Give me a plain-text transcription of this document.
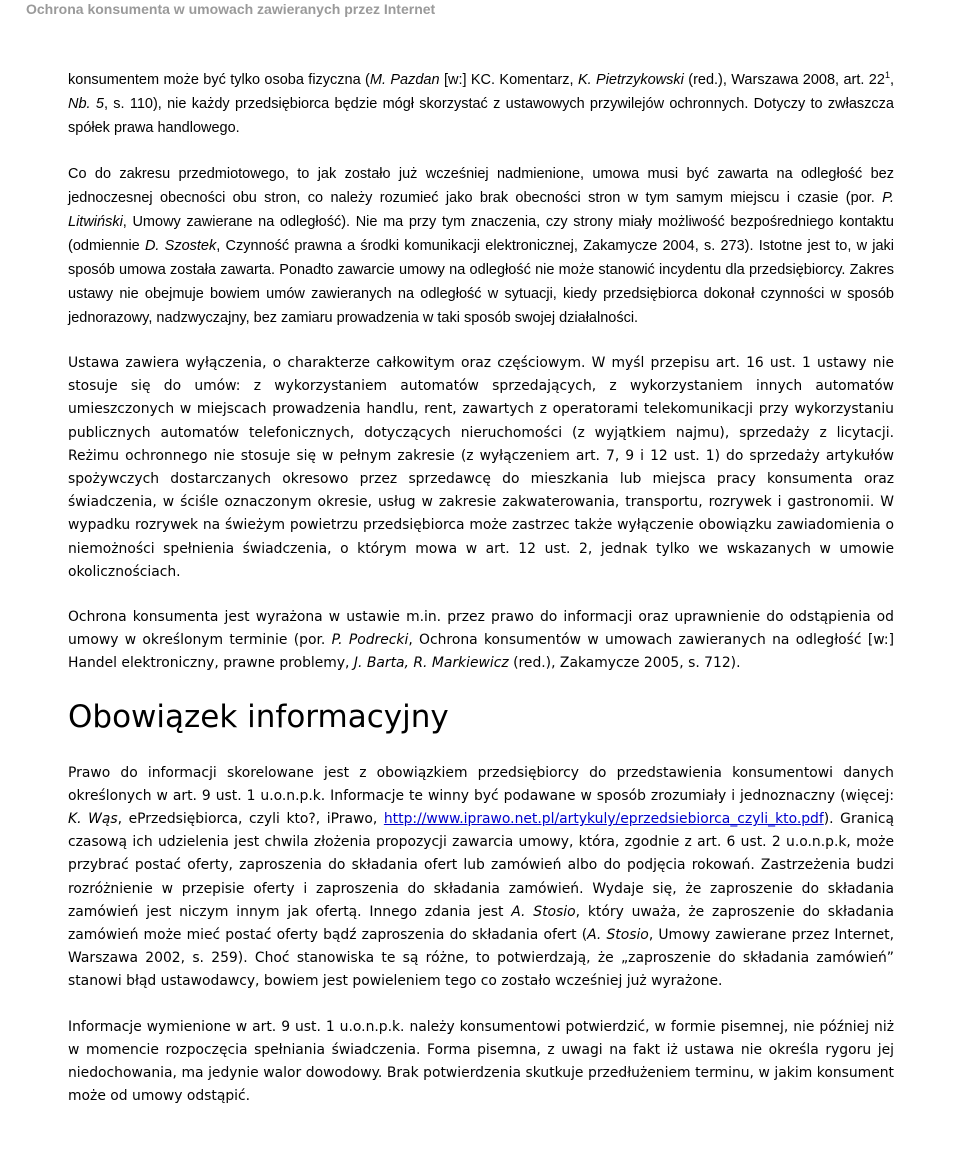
Ochrona konsumenta w umowach zawieranych przez Internet

konsumentem może być tylko osoba fizyczna (M. Pazdan [w:] KC. Komentarz, K. Pietrzykowski (red.), Warszawa 2008, art. $22^1$, Nb. 5, s. 110), nie każdy przedsiębiorca będzie mógł skorzystać z ustawowych przywilejów ochronnych. Dotyczy to zwłaszcza spółek prawa handlowego.

Co do zakresu przedmiotowego, to jak zostało już wcześniej nadmienione, umowa musi być zawarta na odległość bez jednoczesnej obecności obu stron, co należy rozumieć jako brak obecności stron w tym samym miejscu i czasie (por. P. Litwiński, Umowy zawierane na odległość). Nie ma przy tym znaczenia, czy strony miały możliwość bezpośredniego kontaktu (odmiennie D. Szostek, Czynność prawna a środki komunikacji elektronicznej, Zakamycze 2004, s. 273). Istotne jest to, w jaki sposób umowa została zawarta. Ponadto zawarcie umowy na odległość nie może stanowić incydentu dla przedsiębiorcy. Zakres ustawy nie obejmuje bowiem umów zawieranych na odległość w sytuacji, kiedy przedsiębiorca dokonał czynności w sposób jednorazowy, nadzwyczajny, bez zamiaru prowadzenia w taki sposób swojej działalności.

Ustawa zawiera wyłączenia, o charakterze całkowitym oraz częściowym. W myśl przepisu art. 16 ust. 1 ustawy nie stosuje się do umów: z wykorzystaniem automatów sprzedających, z wykorzystaniem innych automatów umieszczonych w miejscach prowadzenia handlu, rent, zawartych z operatorami telekomunikacji przy wykorzystaniu publicznych automatów telefonicznych, dotyczących nieruchomości (z wyjątkiem najmu), sprzedaży z licytacji. Reżimu ochronnego nie stosuje się w pełnym zakresie (z wyłączeniem art. 7, 9 i 12 ust. 1) do sprzedaży artykułów spożywczych dostarczanych okresowo przez sprzedawcę do mieszkania lub miejsca pracy konsumenta oraz świadczenia, w ściśle oznaczonym okresie, usług w zakresie zakwaterowania, transportu, rozrywek i gastronomii. W wypadku rozrywek na świeżym powietrzu przedsiębiorca może zastrzec także wyłączenie obowiązku zawiadomienia o niemożności spełnienia świadczenia, o którym mowa w art. 12 ust. 2, jednak tylko we wskazanych w umowie okolicznościach.

Ochrona konsumenta jest wyrażona w ustawie m.in. przez prawo do informacji oraz uprawnienie do odstąpienia od umowy w określonym terminie (por. P. Podrecki, Ochrona konsumentów w umowach zawieranych na odległość [w:] Handel elektroniczny, prawne problemy, J. Barta, R. Markiewicz (red.), Zakamycze 2005, s. 712).

Obowiązek informacyjny

Prawo do informacji skorelowane jest z obowiązkiem przedsiębiorcy do przedstawienia konsumentowi danych określonych w art. 9 ust. 1 u.o.n.p.k. Informacje te winny być podawane w sposób zrozumiały i jednoznaczny (więcej: K. Wąs, ePrzedsiębiorca, czyli kto?, iPrawo, http://www.iprawo.net.pl/artykuly/eprzedsiebiorca_czyli_kto.pdf). Granicą czasową ich udzielenia jest chwila złożenia propozycji zawarcia umowy, która, zgodnie z art. 6 ust. 2 u.o.n.p.k, może przybrać postać oferty, zaproszenia do składania ofert lub zamówień albo do podjęcia rokowań. Zastrzeżenia budzi rozróżnienie w przepisie oferty i zaproszenia do składania zamówień. Wydaje się, że zaproszenie do składania zamówień jest niczym innym jak ofertą. Innego zdania jest A. Stosio, który uważa, że zaproszenie do składania zamówień może mieć postać oferty bądź zaproszenia do składania ofert (A. Stosio, Umowy zawierane przez Internet, Warszawa 2002, s. 259). Choć stanowiska te są różne, to potwierdzają, że „zaproszenie do składania zamówień” stanowi błąd ustawodawcy, bowiem jest powieleniem tego co zostało wcześniej już wyrażone.

Informacje wymienione w art. 9 ust. 1 u.o.n.p.k. należy konsumentowi potwierdzić, w formie pisemnej, nie później niż w momencie rozpoczęcia spełniania świadczenia. Forma pisemna, z uwagi na fakt iż ustawa nie określa rygoru jej niedochowania, ma jedynie walor dowodowy. Brak potwierdzenia skutkuje przedłużeniem terminu, w jakim konsument może od umowy odstąpić.
